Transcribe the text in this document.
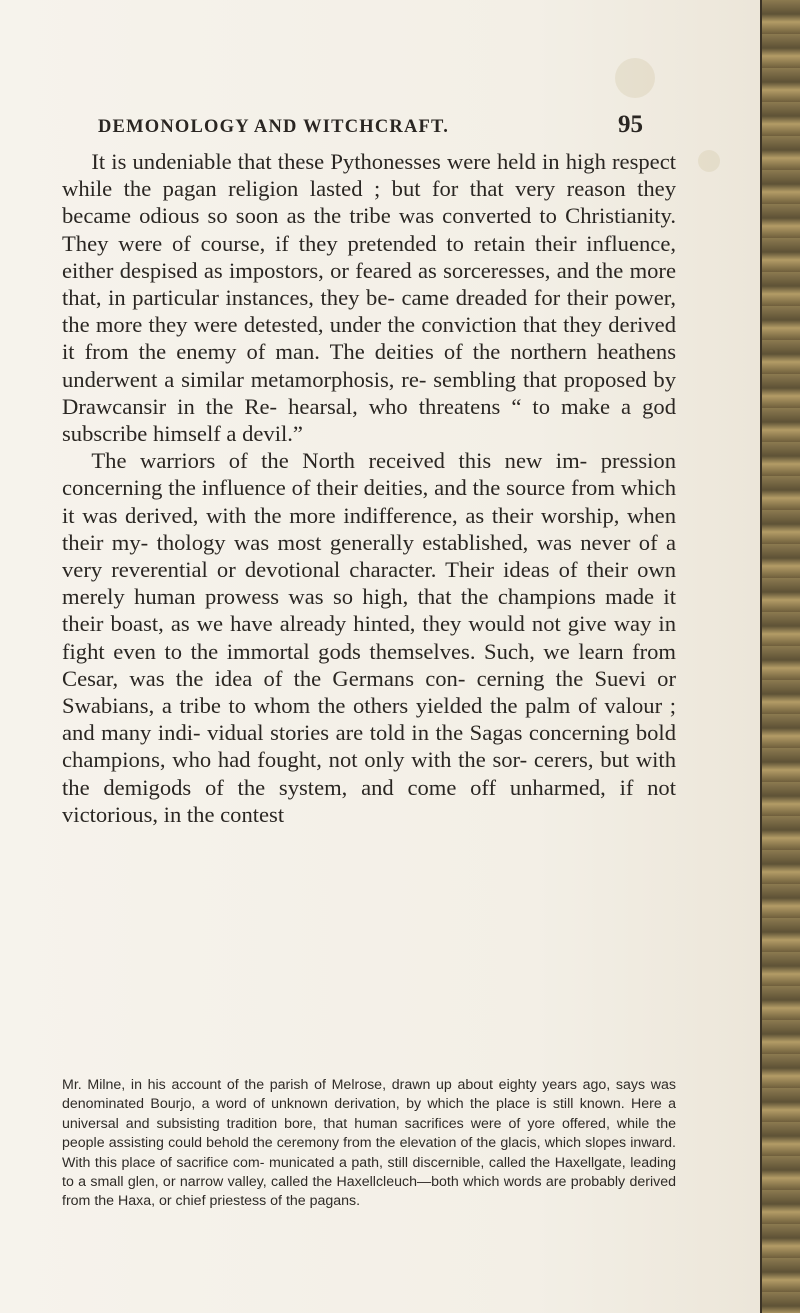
DEMONOLOGY AND WITCHCRAFT.	95

It is undeniable that these Pythonesses were held in high respect while the pagan religion lasted ; but for that very reason they became odious so soon as the tribe was converted to Christianity. They were of course, if they pretended to retain their influence, either despised as impostors, or feared as sorceresses, and the more that, in particular instances, they be- came dreaded for their power, the more they were detested, under the conviction that they derived it from the enemy of man. The deities of the northern heathens underwent a similar metamorphosis, re- sembling that proposed by Drawcansir in the Re- hearsal, who threatens “ to make a god subscribe himself a devil.”

The warriors of the North received this new im- pression concerning the influence of their deities, and the source from which it was derived, with the more indifference, as their worship, when their my- thology was most generally established, was never of a very reverential or devotional character. Their ideas of their own merely human prowess was so high, that the champions made it their boast, as we have already hinted, they would not give way in fight even to the immortal gods themselves. Such, we learn from Cesar, was the idea of the Germans con- cerning the Suevi or Swabians, a tribe to whom the others yielded the palm of valour ; and many indi- vidual stories are told in the Sagas concerning bold champions, who had fought, not only with the sor- cerers, but with the demigods of the system, and come off unharmed, if not victorious, in the contest

Mr. Milne, in his account of the parish of Melrose, drawn up about eighty years ago, says was denominated Bourjo, a word of unknown derivation, by which the place is still known. Here a universal and subsisting tradition bore, that human sacrifices were of yore offered, while the people assisting could behold the ceremony from the elevation of the glacis, which slopes inward. With this place of sacrifice com- municated a path, still discernible, called the Haxellgate, leading to a small glen, or narrow valley, called the Haxellcleuch—both which words are probably derived from the Haxa, or chief priestess of the pagans.
